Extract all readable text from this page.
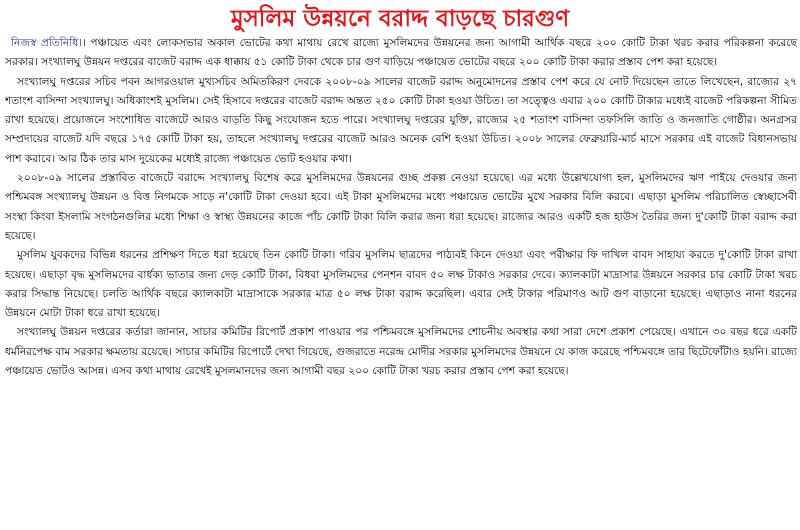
মুসলিম উন্নয়নে বরাদ্দ বাড়ছে চারগুণ

নিজস্ব প্রতিনিধি।। পঞ্চায়েত এবং লোকসভার অকাল ভোটের কথা মাথায় রেখে রাজ্যে মুসলিমদের উন্নয়নের জন্য আগামী আর্থিক বছরে ২০০ কোটি টাকা খরচ করার পরিকল্পনা করেছে সরকার। সংখ্যালঘু উন্নয়ন দপ্তরের বাজেট বরাদ্দ এক ধাক্কায় ৫১ কোটি টাকা থেকে চার গুণ বাড়িয়ে পঞ্চায়েত ভোটের বছরে ২০০ কোটি টাকা করার প্রস্তাব পেশ করা হয়েছে।

সংখ্যালঘু দপ্তরের সচিব পবন আগরওয়াল মুখ্যসচিব অমিতকিরণ দেবকে ২০০৮-০৯ সালের বাজেট বরাদ্দ অনুমোদনের প্রস্তাব পেশ করে যে নোট দিয়েছেন তাতে লিখেছেন, রাজ্যের ২৭ শতাংশ বাসিন্দা সংখ্যালঘু। অধিকাংশই মুসলিম। সেই হিসাবে দপ্তরের বাজেট বরাদ্দ অন্তত ২৫০ কোটি টাকা হওয়া উচিত। তা সত্ত্বেও এবার ২০০ কোটি টাকার মধ্যেই বাজেট পরিকল্পনা সীমিত রাখা হয়েছে। প্রয়োজনে সংশোধিত বাজেটে আরও বাড়তি কিছু সংযোজন হতে পারে। সংখ্যালঘু দপ্তরের যুক্তি, রাজ্যের ২৫ শতাংশ বাসিন্দা তফসিলি জাতি ও জনজাতি গোষ্ঠীর। অনগ্রসর সম্প্রদায়ের বাজেট যদি বছরে ১৭৫ কোটি টাকা হয়, তাহলে সংখ্যালঘু দপ্তরের বাজেট আরও অনেক বেশি হওয়া উচিত। ২০০৮ সালের ফেব্রুয়ারি-মার্চ মাসে সরকার এই বাজেট বিধানসভায় পাশ করাবে। আর ঠিক তার মাস দুয়েকের মধ্যেই রাজ্যে পঞ্চায়েত ভোট হওয়ার কথা।

২০০৮-০৯ সালের প্রস্তাবিত বাজেটে বরাদ্দে সংখ্যালঘু বিশেষ করে মুসলিমদের উন্নয়নের গুচ্ছ প্রকল্প নেওয়া হয়েছে। এর মধ্যে উল্লেখযোগ্য হল, মুসলিমদের ঋণ পাইয়ে দেওয়ার জন্য পশ্চিমবঙ্গ সংখ্যালঘু উন্নয়ন ও বিত্ত নিগমকে সাড়ে ন'কোটি টাকা দেওয়া হবে। এই টাকা মুসলিমদের মধ্যে পঞ্চায়েত ভোটের মুখে সরকার বিলি করবে। এছাড়া মুসলিম পরিচালিত স্বেচ্ছাসেবী সংস্থা কিংবা ইসলামি সংগঠনগুলির মধ্যে শিক্ষা ও স্বাস্থ্য উন্নয়নের কাজে পাঁচ কোটি টাকা বিলি করার জন্য ধরা হয়েছে। রাজ্যের আরও একটি হজ হাউস তৈরির জন্য দু'কোটি টাকা বরাদ্দ করা হয়েছে।

মুসলিম যুবকদের বিভিন্ন ধরনের প্রশিক্ষণ দিতে ধরা হয়েছে তিন কোটি টাকা। গরিব মুসলিম ছাত্রদের পাঠ্যবই কিনে দেওয়া এবং পরীক্ষার ফি দাখিল বাবদ সাহায্য করতে দু'কোটি টাকা রাখা হয়েছে। এছাড়া বৃদ্ধ মুসলিমদের বার্ধক্য ভাতার জন্য দেড় কোটি টাকা, বিধবা মুসলিমদের পেনশন বাবদ ৫০ লক্ষ টাকাও সরকার দেবে। ক্যালকাটা মাদ্রাসার উন্নয়নে সরকার চার কোটি টাকা খরচ করার সিদ্ধান্ত নিয়েছে। চলতি আর্থিক বছরে ক্যালকাটা মাদ্রাসাকে সরকার মাত্র ৫০ লক্ষ টাকা বরাদ্দ করেছিল। এবার সেই টাকার পরিমাণও আট গুণ বাড়ানো হয়েছে। এছাড়াও নানা ধরনের উন্নয়নে মোটা টাকা ধরে রাখা হয়েছে।

সংখ্যালঘু উন্নয়ন দপ্তরের কর্তারা জানান, সাচার কমিটির রিপোর্ট প্রকাশ পাওয়ার পর পশ্চিমবঙ্গে মুসলিমদের শোচনীয় অবস্থার কথা সারা দেশে প্রকাশ পেয়েছে। এখানে ৩০ বছর ধরে একটি ধর্মনিরপেক্ষ বাম সরকার ক্ষমতায় রয়েছে। সাচার কমিটির রিপোর্টে দেখা গিয়েছে, গুজরাতে নরেন্দ্র মোদীর সরকার মুসলিমদের উন্নয়নে যে কাজ করেছে পশ্চিমবঙ্গে তার ছিটেফোঁটাও হয়নি। রাজ্যে পঞ্চায়েত ভোটও আসন্ন। এসব কথা মাথায় রেখেই মুসলমানদের জন্য আগামী বছর ২০০ কোটি টাকা খরচ করার প্রস্তাব পেশ করা হয়েছে।
